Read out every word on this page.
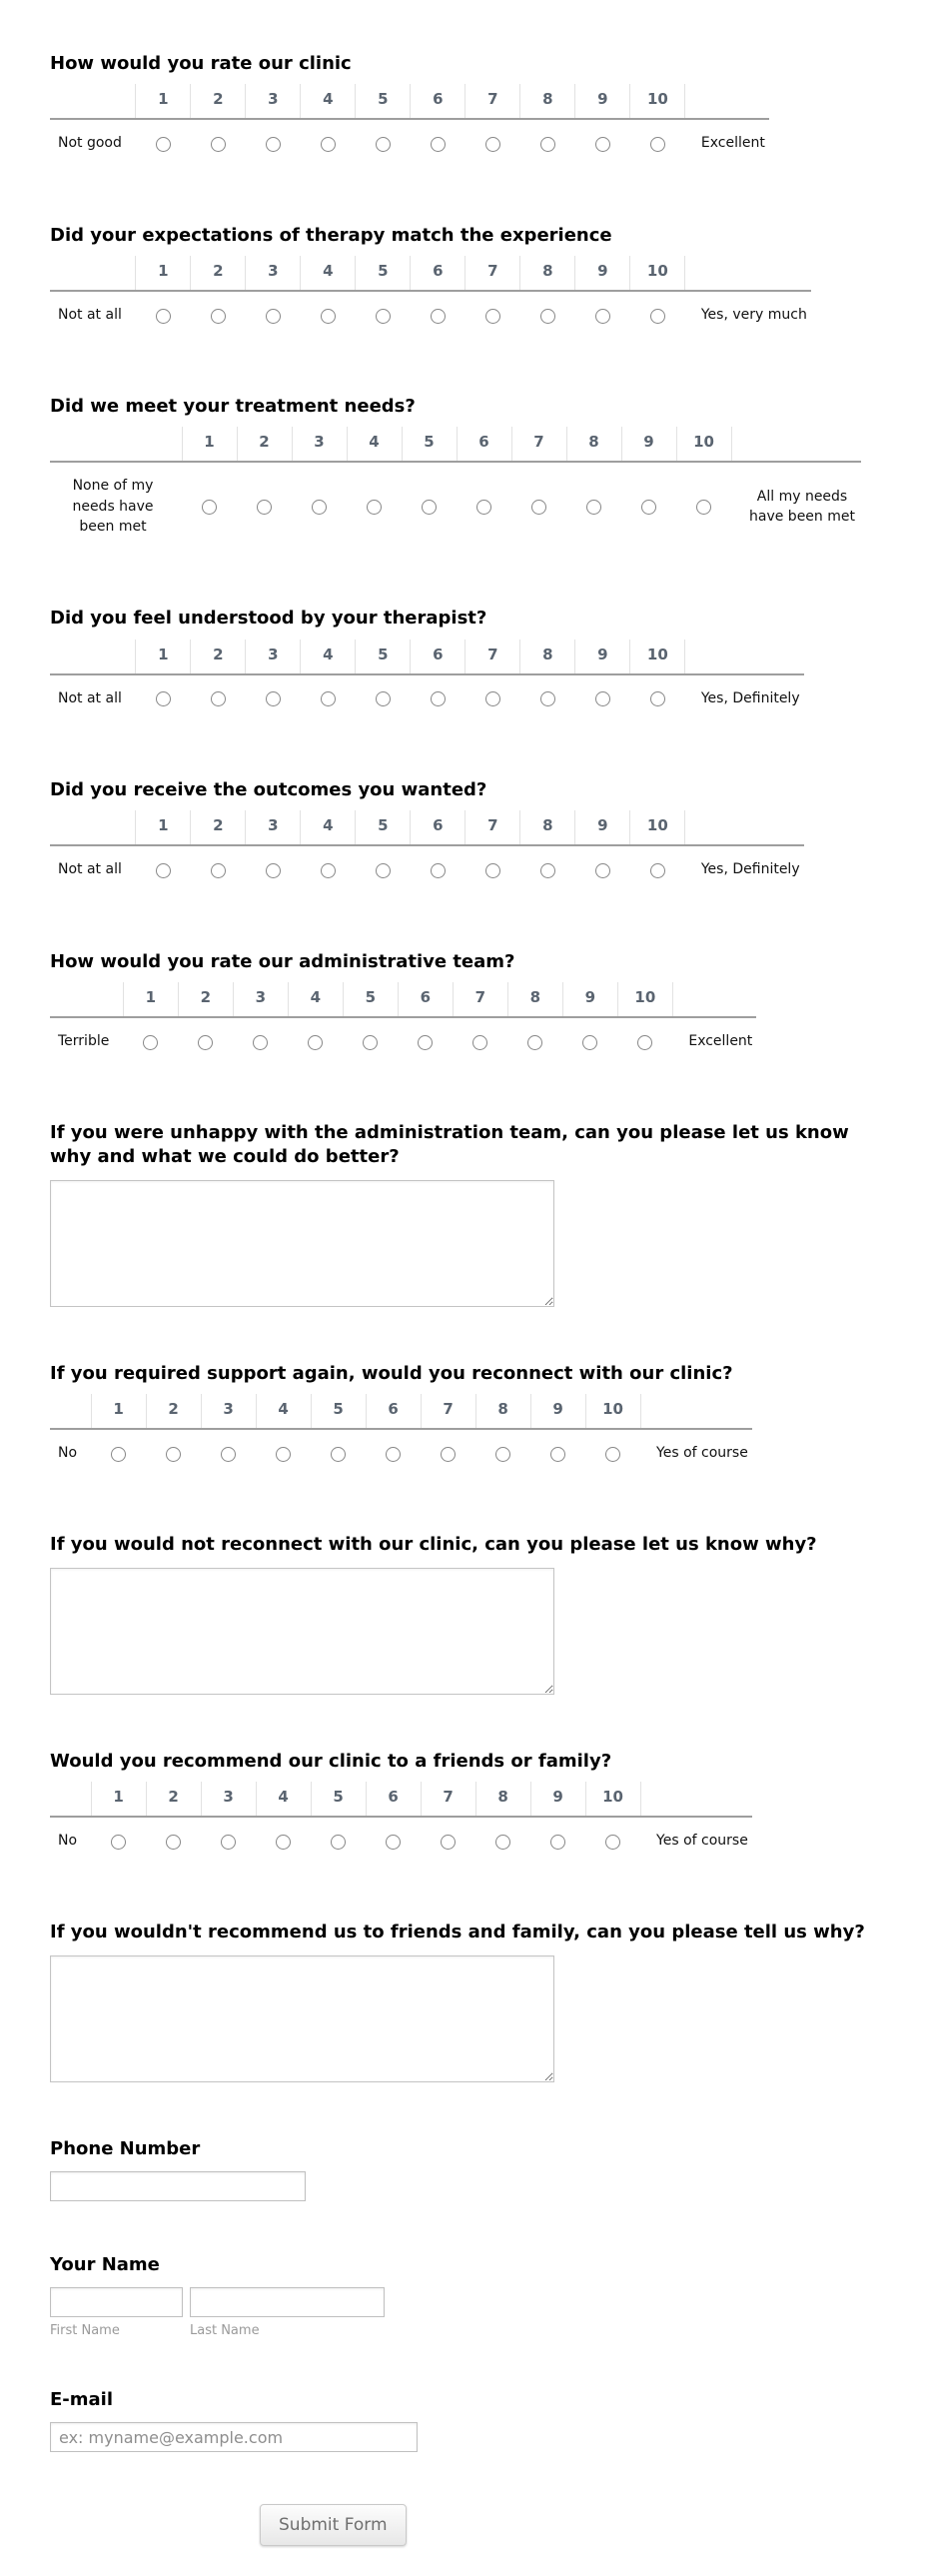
How would you rate our clinic
	1	2	3	4	5	6	7	8	9	10	

Not good											Excellent
Did your expectations of therapy match the experience
	1	2	3	4	5	6	7	8	9	10	

Not at all											Yes, very much
Did we meet your treatment needs?
	1	2	3	4	5	6	7	8	9	10	

None of my needs have been met											All my needs have been met
Did you feel understood by your therapist?
	1	2	3	4	5	6	7	8	9	10	

Not at all											Yes, Definitely
Did you receive the outcomes you wanted?
	1	2	3	4	5	6	7	8	9	10	

Not at all											Yes, Definitely
How would you rate our administrative team?
	1	2	3	4	5	6	7	8	9	10	

Terrible											Excellent
If you were unhappy with the administration team, can you please let us know why and what we could do better?
If you required support again, would you reconnect with our clinic?
	1	2	3	4	5	6	7	8	9	10	

No											Yes of course
If you would not reconnect with our clinic, can you please let us know why?
Would you recommend our clinic to a friends or family?
	1	2	3	4	5	6	7	8	9	10	

No											Yes of course
If you wouldn't recommend us to friends and family, can you please tell us why?
Phone Number
Your Name
First Name	Last Name
E-mail
ex: myname@example.com
Submit Form
